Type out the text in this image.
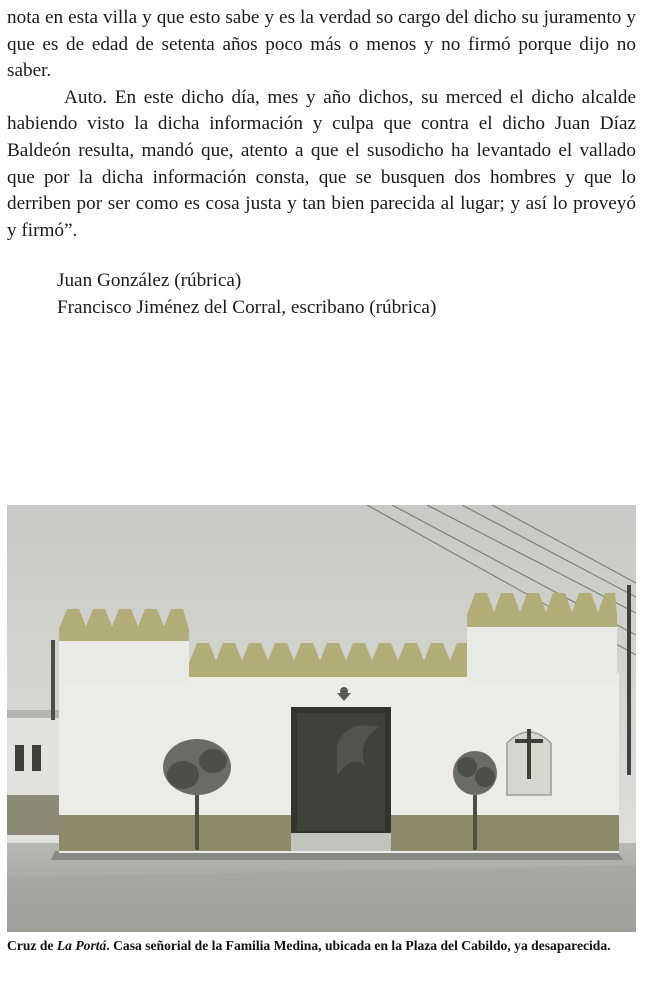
nota en esta villa y que esto sabe y es la verdad so cargo del dicho su juramento y que es de edad de setenta años poco más o menos y no firmó porque dijo no saber.

Auto. En este dicho día, mes y año dichos, su merced el dicho alcalde habiendo visto la dicha información y culpa que contra el dicho Juan Díaz Baldeón resulta, mandó que, atento a que el susodicho ha levantado el vallado que por la dicha información consta, que se busquen dos hombres y que lo derriben por ser como es cosa justa y tan bien parecida al lugar; y así lo proveyó y firmó”.

Juan González (rúbrica)
Francisco Jiménez del Corral, escribano (rúbrica)
Cruz de La Portá. Casa señorial de la Familia Medina, ubicada en la Plaza del Cabildo, ya desaparecida.
